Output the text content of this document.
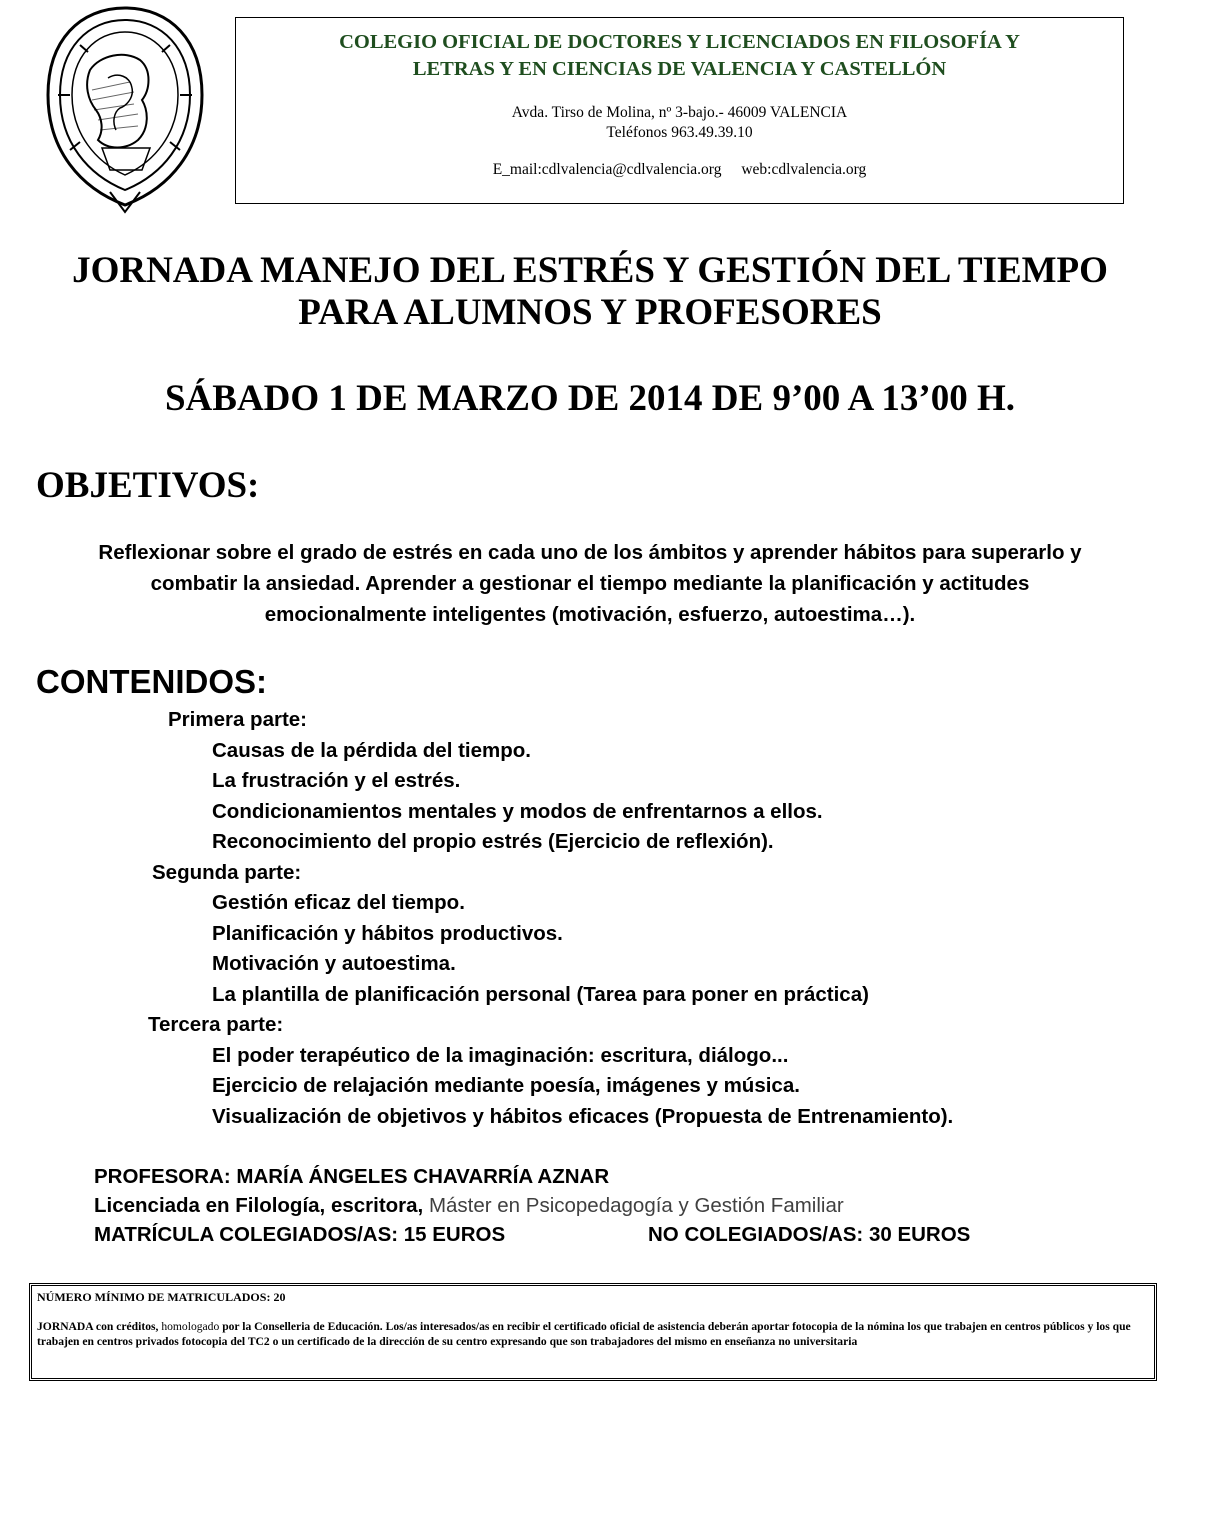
COLEGIO OFICIAL DE DOCTORES Y LICENCIADOS EN FILOSOFÍA Y
LETRAS Y EN CIENCIAS DE VALENCIA Y CASTELLÓN
Avda. Tirso de Molina, nº 3-bajo.- 46009 VALENCIA
Teléfonos 963.49.39.10
E_mail:cdlvalencia@cdlvalencia.org web:cdlvalencia.org
JORNADA MANEJO DEL ESTRÉS Y GESTIÓN DEL TIEMPO
PARA ALUMNOS Y PROFESORES
SÁBADO 1 DE MARZO DE 2014 DE 9’00 A 13’00 H.
OBJETIVOS:
Reflexionar sobre el grado de estrés en cada uno de los ámbitos y aprender hábitos para superarlo y
combatir la ansiedad. Aprender a gestionar el tiempo mediante la planificación y actitudes
emocionalmente inteligentes (motivación, esfuerzo, autoestima…).
CONTENIDOS:
Primera parte:
Causas de la pérdida del tiempo.
La frustración y el estrés.
Condicionamientos mentales y modos de enfrentarnos a ellos.
Reconocimiento del propio estrés (Ejercicio de reflexión).
Segunda parte:
Gestión eficaz del tiempo.
Planificación y hábitos productivos.
Motivación y autoestima.
La plantilla de planificación personal (Tarea para poner en práctica)
Tercera parte:
El poder terapéutico de la imaginación: escritura, diálogo...
Ejercicio de relajación mediante poesía, imágenes y música.
Visualización de objetivos y hábitos eficaces (Propuesta de Entrenamiento).
PROFESORA: MARÍA ÁNGELES CHAVARRÍA AZNAR
Licenciada en Filología, escritora, Máster en Psicopedagogía y Gestión Familiar
MATRÍCULA COLEGIADOS/AS: 15 EUROS	NO COLEGIADOS/AS: 30 EUROS
NÚMERO MÍNIMO DE MATRICULADOS: 20
JORNADA con créditos, homologado por la Conselleria de Educación. Los/as interesados/as en recibir el certificado oficial de asistencia deberán aportar fotocopia de la nómina los que trabajen en centros públicos y los que trabajen en centros privados fotocopia del TC2 o un certificado de la dirección de su centro expresando que son trabajadores del mismo en enseñanza no universitaria
